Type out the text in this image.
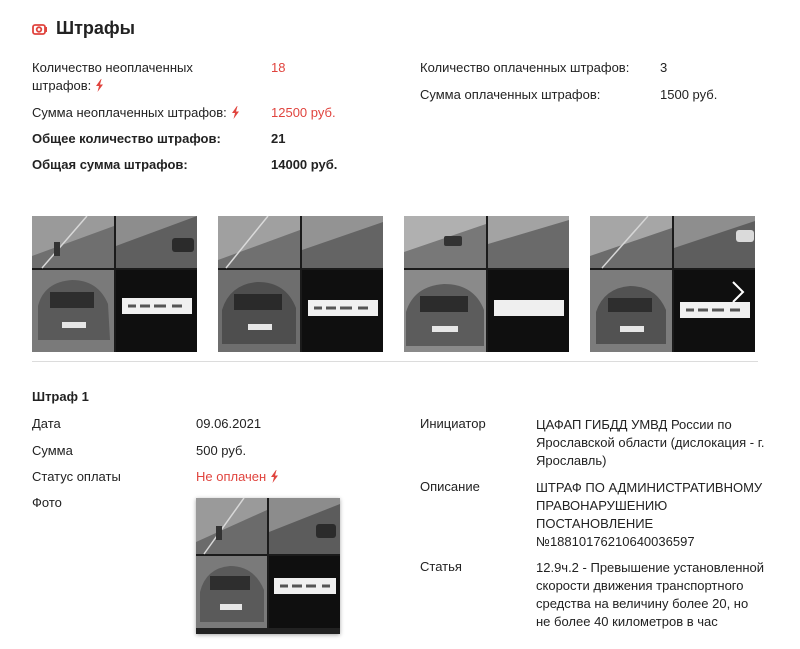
Штрафы
Количество неоплаченных штрафов:
18
Сумма неоплаченных штрафов:	12500 руб.
Общее количество штрафов:	21
Общая сумма штрафов:	14000 руб.
Количество оплаченных штрафов: 3
Сумма оплаченных штрафов:	1500 руб.
Штраф 1
Дата	09.06.2021
Сумма	500 руб.
Статус оплаты	Не оплачен
Фото
Инициатор	ЦАФАП ГИБДД УМВД России по Ярославской области (дислокация - г. Ярославль)
Описание	ШТРАФ ПО АДМИНИСТРАТИВНОМУ ПРАВОНАРУШЕНИЮ ПОСТАНОВЛЕНИЕ №18810176210640036597
Статья	12.9ч.2 - Превышение установленной скорости движения транспортного средства на величину более 20, но не более 40 километров в час
